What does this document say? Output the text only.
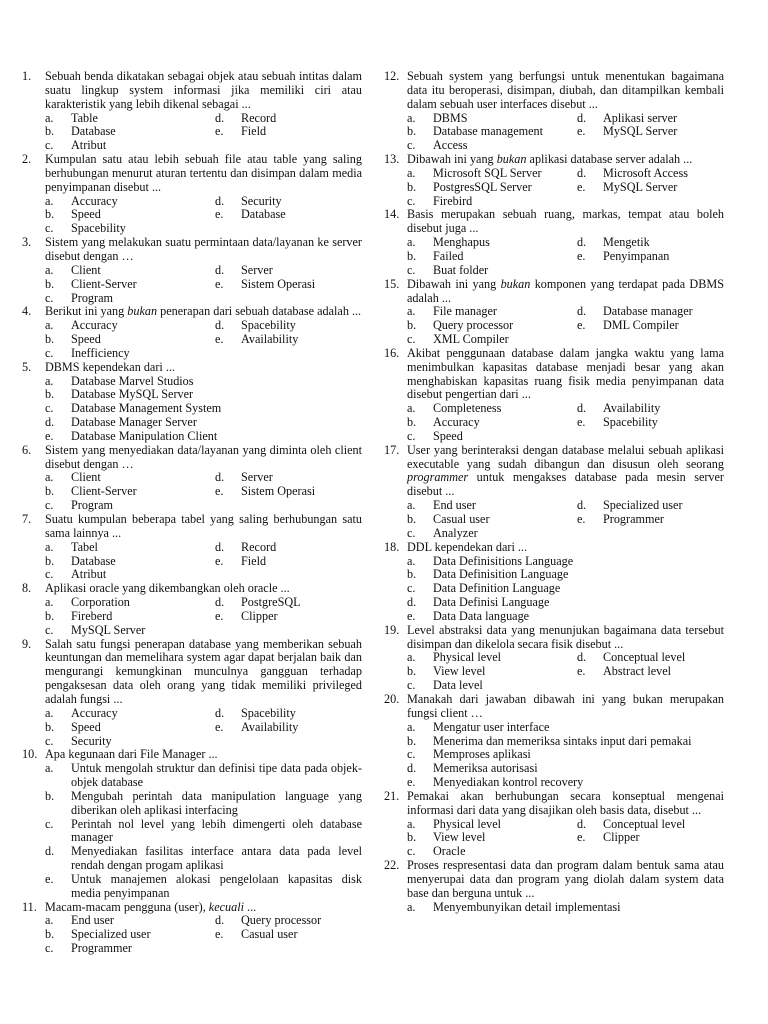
1.	Sebuah benda dikatakan sebagai objek atau sebuah intitas dalam suatu lingkup system informasi jika memiliki ciri atau karakteristik yang lebih dikenal sebagai ...
a.	Table	d.	Record
b.	Database	e.	Field
c.	Atribut
2.	Kumpulan satu atau lebih sebuah file atau table yang saling berhubungan menurut aturan tertentu dan disimpan dalam media penyimpanan disebut ...
a.	Accuracy	d.	Security
b.	Speed	e.	Database
c.	Spacebility
3.	Sistem yang melakukan suatu permintaan data/layanan ke server disebut dengan …
a.	Client	d.	Server
b.	Client-Server	e.	Sistem Operasi
c.	Program
4.	Berikut ini yang bukan penerapan dari sebuah database adalah ...
a.	Accuracy	d.	Spacebility
b.	Speed	e.	Availability
c.	Inefficiency
5.	DBMS kependekan dari ...
a.	Database Marvel Studios
b.	Database MySQL Server
c.	Database Management System
d.	Database Manager Server
e.	Database Manipulation Client
6.	Sistem yang menyediakan data/layanan yang diminta oleh client disebut dengan …
a.	Client	d.	Server
b.	Client-Server	e.	Sistem Operasi
c.	Program
7.	Suatu kumpulan beberapa tabel yang saling berhubungan satu sama lainnya ...
a.	Tabel	d.	Record
b.	Database	e.	Field
c.	Atribut
8.	Aplikasi oracle yang dikembangkan oleh oracle ...
a.	Corporation	d.	PostgreSQL
b.	Fireberd	e.	Clipper
c.	MySQL Server
9.	Salah satu fungsi penerapan database yang memberikan sebuah keuntungan dan memelihara system agar dapat berjalan baik dan mengurangi kemungkinan munculnya gangguan terhadap pengaksesan data oleh orang yang tidak memiliki privileged adalah fungsi ...
a.	Accuracy	d.	Spacebility
b.	Speed	e.	Availability
c.	Security
10. Apa kegunaan dari File Manager ...
a.	Untuk mengolah struktur dan definisi tipe data pada objek-objek database
b.	Mengubah perintah data manipulation language yang diberikan oleh aplikasi interfacing
c.	Perintah nol level yang lebih dimengerti oleh database manager
d.	Menyediakan fasilitas interface antara data pada level rendah dengan progam aplikasi
e.	Untuk manajemen alokasi pengelolaan kapasitas disk media penyimpanan
11. Macam-macam pengguna (user), kecuali ...
a.	End user	d.	Query processor
b.	Specialized user	e.	Casual user
c.	Programmer
12. Sebuah system yang berfungsi untuk menentukan bagaimana data itu beroperasi, disimpan, diubah, dan ditampilkan kembali dalam sebuah user interfaces disebut ...
a.	DBMS	d.	Aplikasi server
b.	Database management	e.	MySQL Server
c.	Access
13. Dibawah ini yang bukan aplikasi database server adalah ...
a.	Microsoft SQL Server	d.	Microsoft Access
b.	PostgresSQL Server	e.	MySQL Server
c.	Firebird
14. Basis merupakan sebuah ruang, markas, tempat atau boleh disebut juga ...
a.	Menghapus	d.	Mengetik
b.	Failed	e.	Penyimpanan
c.	Buat folder
15. Dibawah ini yang bukan komponen yang terdapat pada DBMS adalah ...
a.	File manager	d.	Database manager
b.	Query processor	e.	DML Compiler
c.	XML Compiler
16. Akibat penggunaan database dalam jangka waktu yang lama menimbulkan kapasitas database menjadi besar yang akan menghabiskan kapasitas ruang fisik media penyimpanan data disebut pengertian dari ...
a.	Completeness	d.	Availability
b.	Accuracy	e.	Spacebility
c.	Speed
17. User yang berinteraksi dengan database melalui sebuah aplikasi executable yang sudah dibangun dan disusun oleh seorang programmer untuk mengakses database pada mesin server disebut ...
a.	End user	d.	Specialized user
b.	Casual user	e.	Programmer
c.	Analyzer
18. DDL kependekan dari ...
a.	Data Definisitions Language
b.	Data Definisition Language
c.	Data Definition Language
d.	Data Definisi Language
e.	Data Data language
19. Level abstraksi data yang menunjukan bagaimana data tersebut disimpan dan dikelola secara fisik disebut ...
a.	Physical level	d.	Conceptual level
b.	View level	e.	Abstract level
c.	Data level
20. Manakah dari jawaban dibawah ini yang bukan merupakan fungsi client …
a.	Mengatur user interface
b.	Menerima dan memeriksa sintaks input dari pemakai
c.	Memproses aplikasi
d.	Memeriksa autorisasi
e.	Menyediakan kontrol recovery
21. Pemakai akan berhubungan secara konseptual mengenai informasi dari data yang disajikan oleh basis data, disebut ...
a.	Physical level	d.	Conceptual level
b.	View level	e.	Clipper
c.	Oracle
22. Proses respresentasi data dan program dalam bentuk sama atau menyerupai data dan program yang diolah dalam system data base dan berguna untuk ...
a.	Menyembunyikan detail implementasi
